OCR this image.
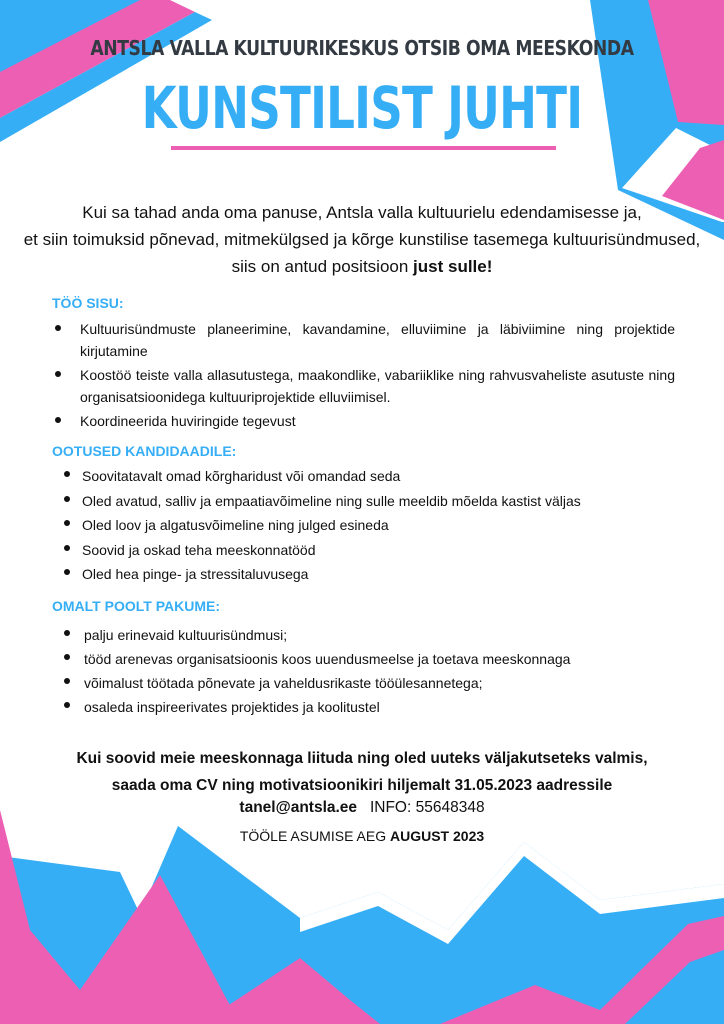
ANTSLA VALLA KULTUURIKESKUS OTSIB OMA MEESKONDA
KUNSTILIST JUHTI
Kui sa tahad anda oma panuse, Antsla valla kultuurielu edendamisesse ja,
et siin toimuksid põnevad, mitmekülgsed ja kõrge kunstilise tasemega kultuurisündmused,
siis on antud positsioon just sulle!
TÖÖ SISU:
Kultuurisündmuste planeerimine, kavandamine, elluviimine ja läbiviimine ning projektide kirjutamine
Koostöö teiste valla allasutustega, maakondlike, vabariiklike ning rahvusvaheliste asutuste ning organisatsioonidega kultuuriprojektide elluviimisel.
Koordineerida huviringide tegevust
OOTUSED KANDIDAADILE:
Soovitatavalt omad kõrgharidust või omandad seda
Oled avatud, salliv ja empaatiavõimeline ning sulle meeldib mõelda kastist väljas
Oled loov ja algatusvõimeline ning julged esineda
Soovid ja oskad teha meeskonnatööd
Oled hea pinge- ja stressitaluvusega
OMALT POOLT PAKUME:
palju erinevaid kultuurisündmusi;
tööd arenevas organisatsioonis koos uuendusmeelse ja toetava meeskonnaga
võimalust töötada põnevate ja vaheldusrikaste tööülesannetega;
osaleda inspireerivates projektides ja koolitustel
Kui soovid meie meeskonnaga liituda ning oled uuteks väljakutseteks valmis,
saada oma CV ning motivatsioonikiri hiljemalt 31.05.2023 aadressile
tanel@antsla.ee INFO: 55648348
TÖÖLE ASUMISE AEG AUGUST 2023
